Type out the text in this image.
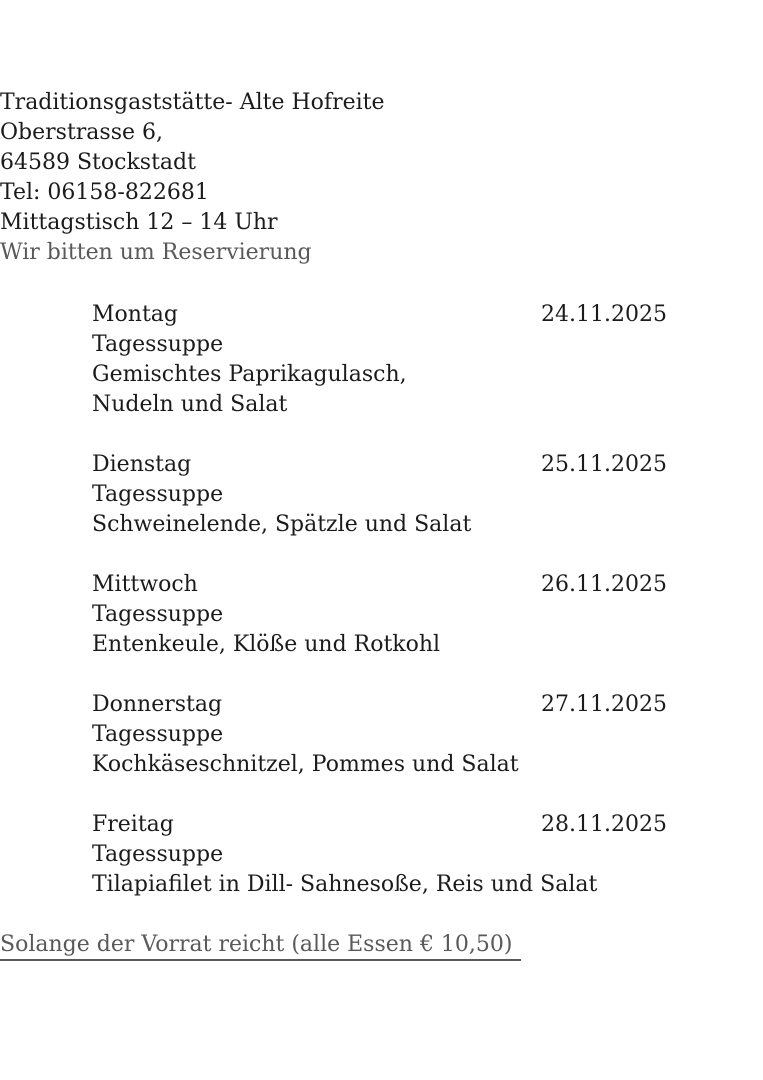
Traditionsgaststätte- Alte Hofreite

Oberstrasse 6,

64589 Stockstadt

Tel: 06158-822681

Mittagstisch 12 – 14 Uhr

Wir bitten um Reservierung

Montag	24.11.2025

Tagessuppe

Gemischtes Paprikagulasch,

Nudeln und Salat

Dienstag	25.11.2025

Tagessuppe

Schweinelende, Spätzle und Salat

Mittwoch	26.11.2025

Tagessuppe

Entenkeule, Klöße und Rotkohl

Donnerstag	27.11.2025

Tagessuppe

Kochkäseschnitzel, Pommes und Salat

Freitag	28.11.2025

Tagessuppe

Tilapiafilet in Dill- Sahnesoße, Reis und Salat

Solange der Vorrat reicht (alle Essen € 10,50)
